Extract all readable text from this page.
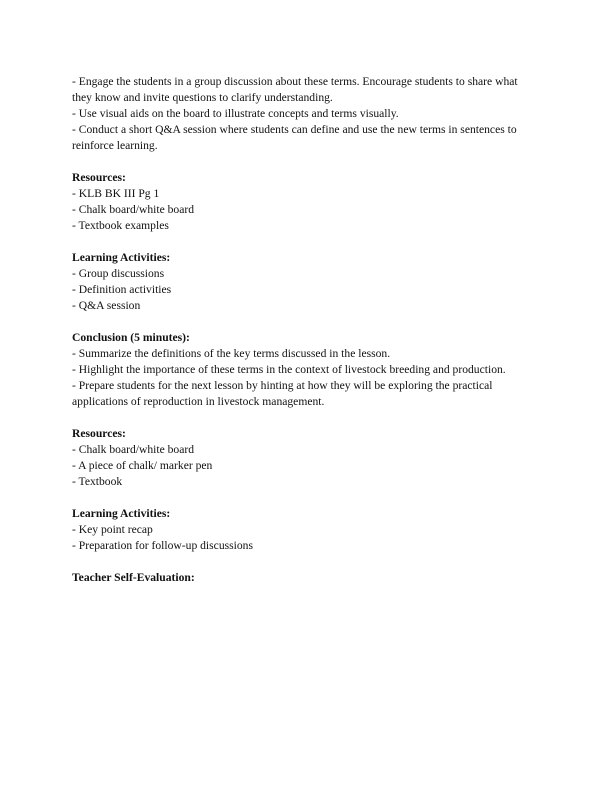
- Engage the students in a group discussion about these terms. Encourage students to share what
they know and invite questions to clarify understanding.
- Use visual aids on the board to illustrate concepts and terms visually.
- Conduct a short Q&A session where students can define and use the new terms in sentences to
reinforce learning.
Resources:
- KLB BK III Pg 1
- Chalk board/white board
- Textbook examples
Learning Activities:
- Group discussions
- Definition activities
- Q&A session
Conclusion (5 minutes):
- Summarize the definitions of the key terms discussed in the lesson.
- Highlight the importance of these terms in the context of livestock breeding and production.
- Prepare students for the next lesson by hinting at how they will be exploring the practical
applications of reproduction in livestock management.
Resources:
- Chalk board/white board
- A piece of chalk/ marker pen
- Textbook
Learning Activities:
- Key point recap
- Preparation for follow-up discussions
Teacher Self-Evaluation:
